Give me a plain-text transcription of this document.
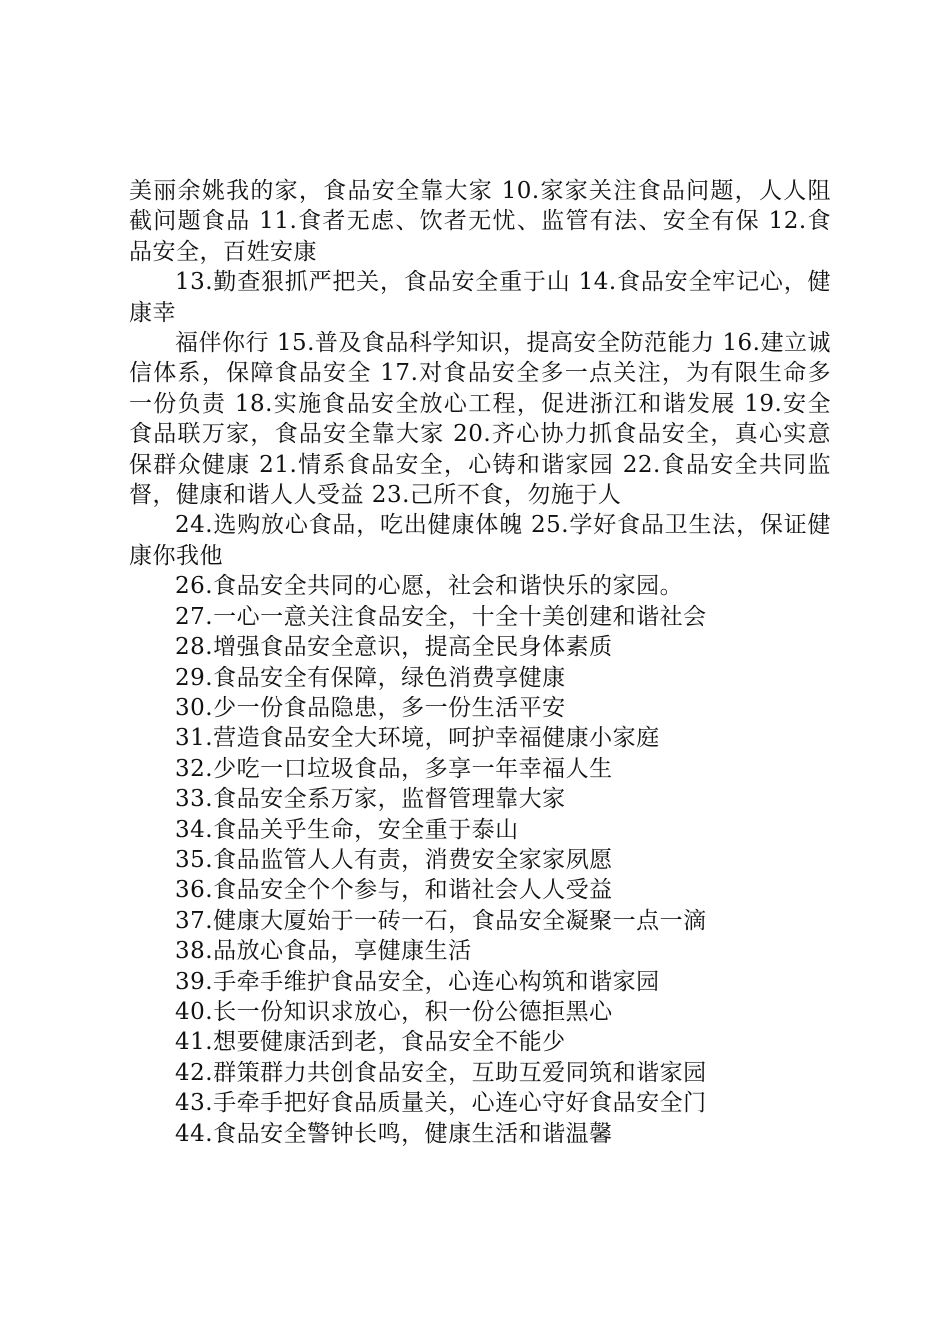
美丽余姚我的家，食品安全靠大家 10.家家关注食品问题，人人阻截问题食品 11.食者无虑、饮者无忧、监管有法、安全有保 12.食品安全，百姓安康

13.勤查狠抓严把关，食品安全重于山 14.食品安全牢记心，健康幸

福伴你行 15.普及食品科学知识，提高安全防范能力 16.建立诚信体系，保障食品安全 17.对食品安全多一点关注，为有限生命多一份负责 18.实施食品安全放心工程，促进浙江和谐发展 19.安全食品联万家，食品安全靠大家 20.齐心协力抓食品安全，真心实意保群众健康 21.情系食品安全，心铸和谐家园 22.食品安全共同监督，健康和谐人人受益 23.己所不食，勿施于人

24.选购放心食品，吃出健康体魄 25.学好食品卫生法，保证健康你我他

26.食品安全共同的心愿，社会和谐快乐的家园。
27.一心一意关注食品安全，十全十美创建和谐社会
28.增强食品安全意识，提高全民身体素质
29.食品安全有保障，绿色消费享健康
30.少一份食品隐患，多一份生活平安
31.营造食品安全大环境，呵护幸福健康小家庭
32.少吃一口垃圾食品，多享一年幸福人生
33.食品安全系万家，监督管理靠大家
34.食品关乎生命，安全重于泰山
35.食品监管人人有责，消费安全家家夙愿
36.食品安全个个参与，和谐社会人人受益
37.健康大厦始于一砖一石，食品安全凝聚一点一滴
38.品放心食品，享健康生活
39.手牵手维护食品安全，心连心构筑和谐家园
40.长一份知识求放心，积一份公德拒黑心
41.想要健康活到老，食品安全不能少
42.群策群力共创食品安全，互助互爱同筑和谐家园
43.手牵手把好食品质量关，心连心守好食品安全门
44.食品安全警钟长鸣，健康生活和谐温馨
